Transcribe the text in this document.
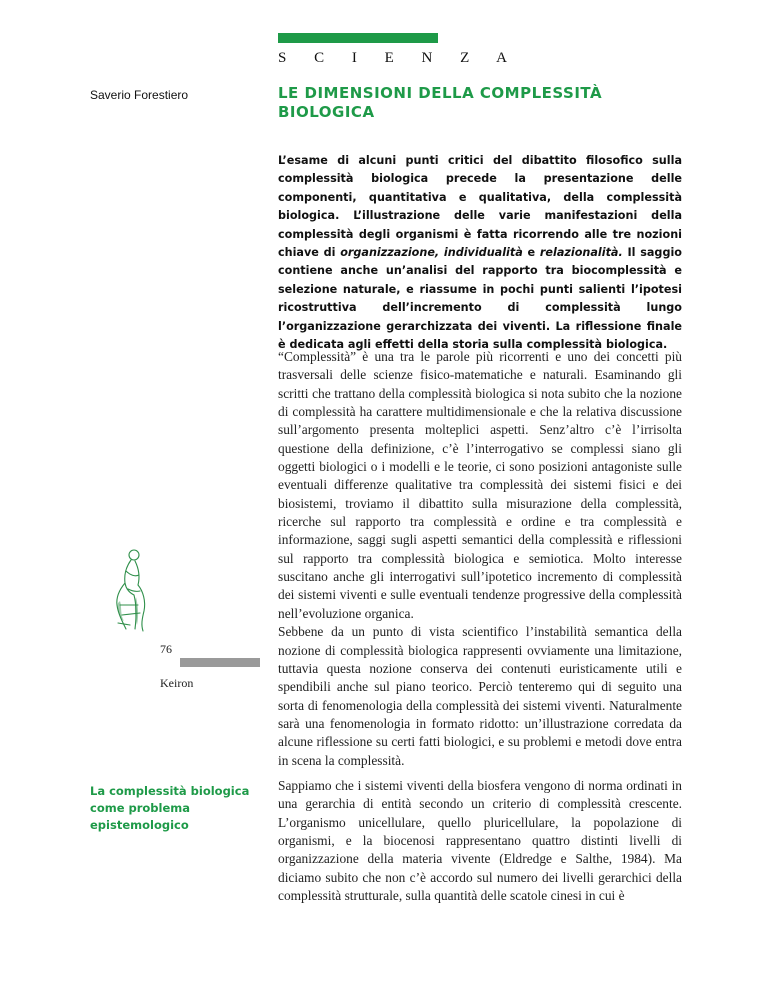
S C I E N Z A
Saverio Forestiero	LE DIMENSIONI DELLA COMPLESSITÀ
BIOLOGICA

L’esame di alcuni punti critici del dibattito filosofico sulla complessità biologica precede la presentazione delle componenti, quantitativa e qualitativa, della complessità biologica. L’illustrazione delle varie manifestazioni della complessità degli organismi è fatta ricorrendo alle tre nozioni chiave di organizzazione, individualità e relazionalità. Il saggio contiene anche un’analisi del rapporto tra biocomplessità e selezione naturale, e riassume in pochi punti salienti l’ipotesi ricostruttiva dell’incremento di complessità lungo l’organizzazione gerarchizzata dei viventi. La riflessione finale è dedicata agli effetti della storia sulla complessità biologica.

“Complessità” è una tra le parole più ricorrenti e uno dei concetti più trasversali delle scienze fisico-matematiche e naturali. Esaminando gli scritti che trattano della complessità biologica si nota subito che la nozione di complessità ha carattere multidimensionale e che la relativa discussione sull’argomento presenta molteplici aspetti. Senz’altro c’è l’irrisolta questione della definizione, c’è l’interrogativo se complessi siano gli oggetti biologici o i modelli e le teorie, ci sono posizioni antagoniste sulle eventuali differenze qualitative tra complessità dei sistemi fisici e dei biosistemi, troviamo il dibattito sulla misurazione della complessità, ricerche sul rapporto tra complessità e ordine e tra complessità e informazione, saggi sugli aspetti semantici della complessità e riflessioni sul rapporto tra complessità biologica e semiotica. Molto interesse suscitano anche gli interrogativi sull’ipotetico incremento di complessità dei sistemi viventi e sulle eventuali tendenze progressive della complessità nell’evoluzione organica.
Sebbene da un punto di vista scientifico l’instabilità semantica della nozione di complessità biologica rappresenti ovviamente una limitazione, tuttavia questa nozione conserva dei contenuti euristicamente utili e spendibili anche sul piano teorico. Perciò tenteremo qui di seguito una sorta di fenomenologia della complessità dei sistemi viventi. Naturalmente sarà una fenomenologia in formato ridotto: un’illustrazione corredata da alcune riflessione su certi fatti biologici, e su problemi e metodi dove entra in scena la complessità.

76
Keiron
La complessità biologica come problema epistemologico

Sappiamo che i sistemi viventi della biosfera vengono di norma ordinati in una gerarchia di entità secondo un criterio di complessità crescente. L’organismo unicellulare, quello pluricellulare, la popolazione di organismi, e la biocenosi rappresentano quattro distinti livelli di organizzazione della materia vivente (Eldredge e Salthe, 1984). Ma diciamo subito che non c’è accordo sul numero dei livelli gerarchici della complessità strutturale, sulla quantità delle scatole cinesi in cui è
